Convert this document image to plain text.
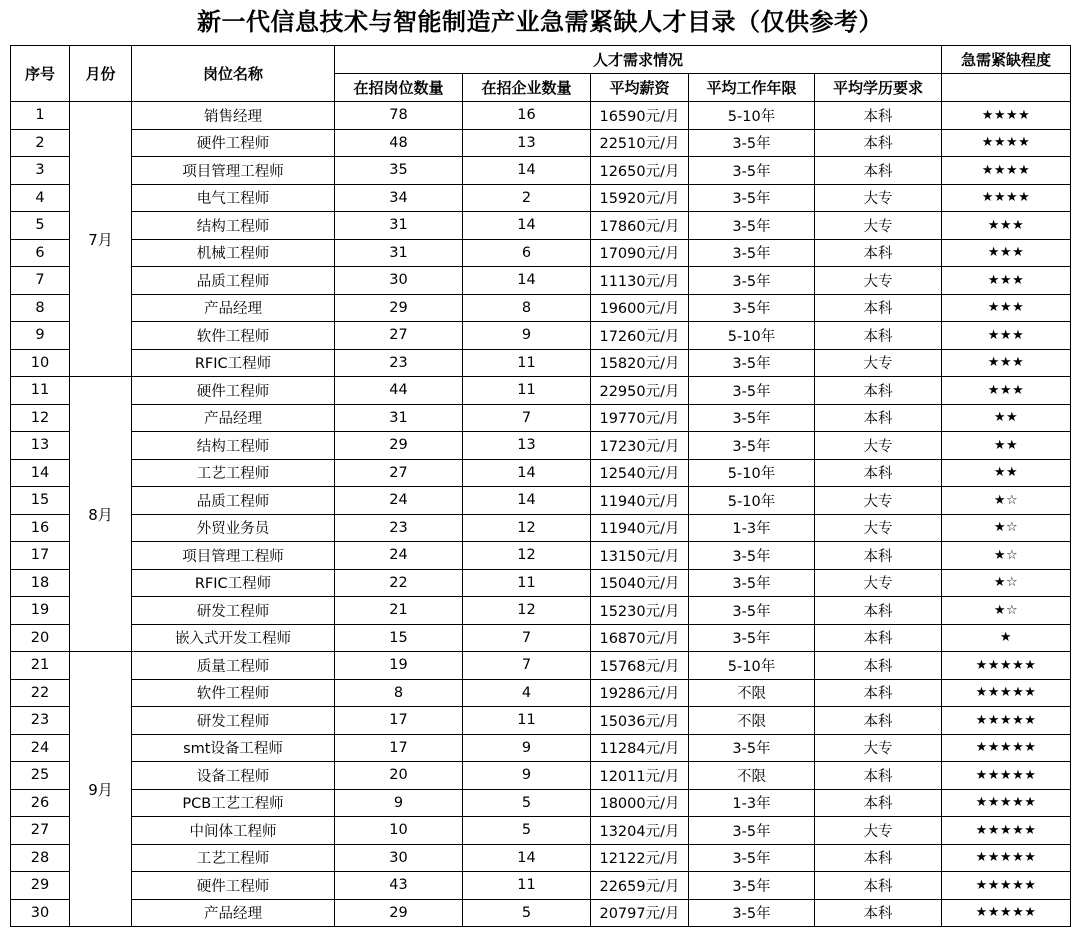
新一代信息技术与智能制造产业急需紧缺人才目录（仅供参考）
序号	月份	岗位名称	人才需求情况					急需紧缺程度
			在招岗位数量	在招企业数量	平均薪资	平均工作年限	平均学历要求	
1	7月	销售经理	78	16	16590元/月	5-10年	本科	★★★★
2		硬件工程师	48	13	22510元/月	3-5年	本科	★★★★
3		项目管理工程师	35	14	12650元/月	3-5年	本科	★★★★
4		电气工程师	34	2	15920元/月	3-5年	大专	★★★★
5		结构工程师	31	14	17860元/月	3-5年	大专	★★★
6		机械工程师	31	6	17090元/月	3-5年	本科	★★★
7		品质工程师	30	14	11130元/月	3-5年	大专	★★★
8		产品经理	29	8	19600元/月	3-5年	本科	★★★
9		软件工程师	27	9	17260元/月	5-10年	本科	★★★
10		RFIC工程师	23	11	15820元/月	3-5年	大专	★★★
11	8月	硬件工程师	44	11	22950元/月	3-5年	本科	★★★
12		产品经理	31	7	19770元/月	3-5年	本科	★★
13		结构工程师	29	13	17230元/月	3-5年	大专	★★
14		工艺工程师	27	14	12540元/月	5-10年	本科	★★
15		品质工程师	24	14	11940元/月	5-10年	大专	★☆
16		外贸业务员	23	12	11940元/月	1-3年	大专	★☆
17		项目管理工程师	24	12	13150元/月	3-5年	本科	★☆
18		RFIC工程师	22	11	15040元/月	3-5年	大专	★☆
19		研发工程师	21	12	15230元/月	3-5年	本科	★☆
20		嵌入式开发工程师	15	7	16870元/月	3-5年	本科	★
21	9月	质量工程师	19	7	15768元/月	5-10年	本科	★★★★★
22		软件工程师	8	4	19286元/月	不限	本科	★★★★★
23		研发工程师	17	11	15036元/月	不限	本科	★★★★★
24		smt设备工程师	17	9	11284元/月	3-5年	大专	★★★★★
25		设备工程师	20	9	12011元/月	不限	本科	★★★★★
26		PCB工艺工程师	9	5	18000元/月	1-3年	本科	★★★★★
27		中间体工程师	10	5	13204元/月	3-5年	大专	★★★★★
28		工艺工程师	30	14	12122元/月	3-5年	本科	★★★★★
29		硬件工程师	43	11	22659元/月	3-5年	本科	★★★★★
30		产品经理	29	5	20797元/月	3-5年	本科	★★★★★
